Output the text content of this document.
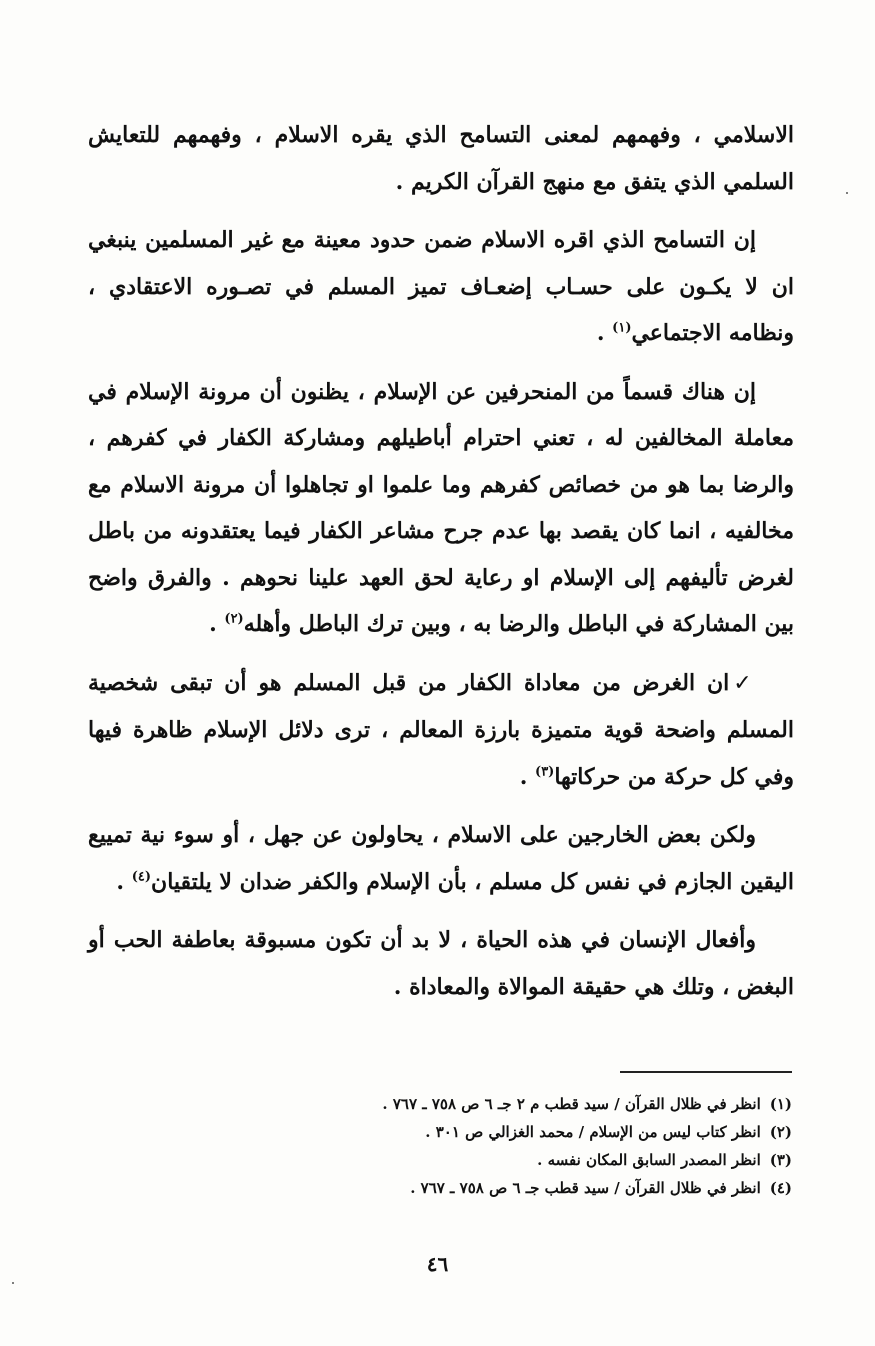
الاسلامي ، وفهمهم لمعنى التسامح الذي يقره الاسلام ، وفهمهم للتعايش السلمي الذي يتفق مع منهج القرآن الكريم .

إن التسامح الذي اقره الاسلام ضمن حدود معينة مع غير المسلمين ينبغي ان لا يكـون على حسـاب إضعـاف تميز المسلم في تصـوره الاعتقادي ، ونظامه الاجتماعي$^{(١)}$ .

إن هناك قسماً من المنحرفين عن الإسلام ، يظنون أن مرونة الإسلام في معاملة المخالفين له ، تعني احترام أباطيلهم ومشاركة الكفار في كفرهم ، والرضا بما هو من خصائص كفرهم وما علموا او تجاهلوا أن مرونة الاسلام مع مخالفيه ، انما كان يقصد بها عدم جرح مشاعر الكفار فيما يعتقدونه من باطل لغرض تأليفهم إلى الإسلام او رعاية لحق العهد علينا نحوهم . والفرق واضح بين المشاركة في الباطل والرضا به ، وبين ترك الباطل وأهله$^{(٢)}$ .

✓ان الغرض من معاداة الكفار من قبل المسلم هو أن تبقى شخصية المسلم واضحة قوية متميزة بارزة المعالم ، ترى دلائل الإسلام ظاهرة فيها وفي كل حركة من حركاتها$^{(٣)}$ .

ولكن بعض الخارجين على الاسلام ، يحاولون عن جهل ، أو سوء نية تمييع اليقين الجازم في نفس كل مسلم ، بأن الإسلام والكفر ضدان لا يلتقيان$^{(٤)}$ .

وأفعال الإنسان في هذه الحياة ، لا بد أن تكون مسبوقة بعاطفة الحب أو البغض ، وتلك هي حقيقة الموالاة والمعاداة .

(١) انظر في ظلال القرآن / سيد قطب م ٢ جـ ٦ ص ٧٥٨ ـ ٧٦٧ .
(٢) انظر كتاب ليس من الإسلام / محمد الغزالي ص ٣٠١ .
(٣) انظر المصدر السابق المكان نفسه .
(٤) انظر في ظلال القرآن / سيد قطب جـ ٦ ص ٧٥٨ ـ ٧٦٧ .
٤٦
